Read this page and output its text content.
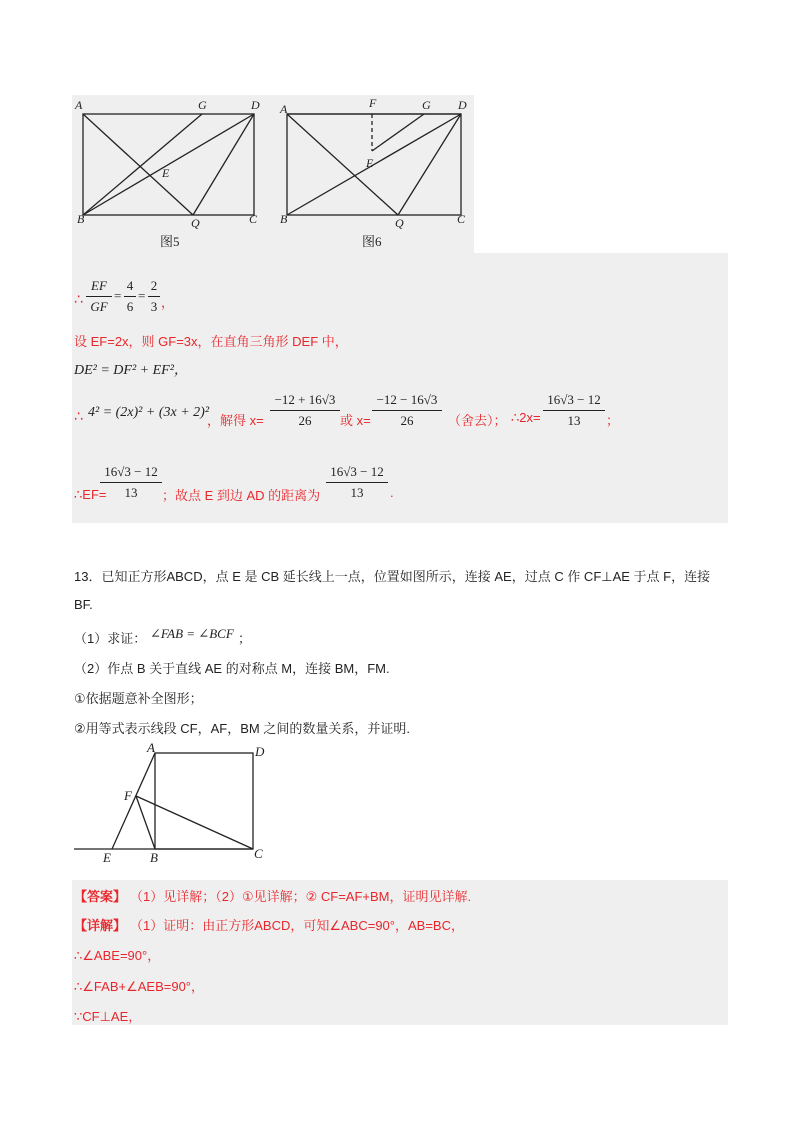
A	G	D
E
B	Q	C
A	F	G D
E
B	Q	C
图5	图6
∴
EF
GF
=
4
6
=
2
3 ，
设 EF=2x，则 GF=3x，在直角三角形 DEF 中，
DE² = DF² + EF²，
∴ 4² = (2x)² + (3x + 2)²
，解得 x=
−12 + 16√3
26	或 x=
−12 − 16√3
26	（舍去）； ∴2x=
16√3 − 12
13	；
∴EF=
16√3 − 12
13	；故点 E 到边 AD 的距离为
16√3 − 12
13	.
13．已知正方形ABCD，点 E 是 CB 延长线上一点，位置如图所示，连接 AE，过点 C 作 CF⊥AE 于点 F，连接
BF.
（1）求证： ∠FAB = ∠BCF ；
（2）作点 B 关于直线 AE 的对称点 M，连接 BM，FM.
①依据题意补全图形；
②用等式表示线段 CF，AF，BM 之间的数量关系，并证明.
A	D
F
E	B	C
【答案】 （1）见详解；（2）①见详解；② CF=AF+BM，证明见详解.
【详解】 （1）证明：由正方形ABCD，可知∠ABC=90°，AB=BC，
∴∠ABE=90°，
∴∠FAB+∠AEB=90°，
∵CF⊥AE，
